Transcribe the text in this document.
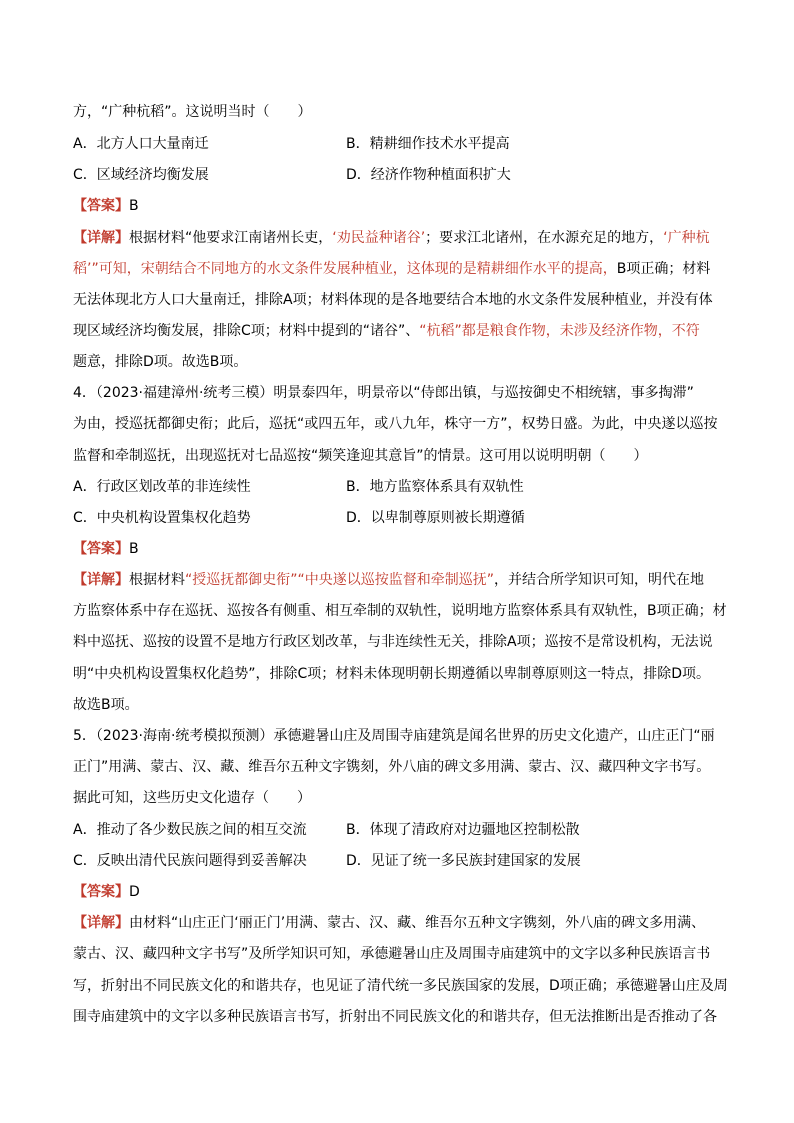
方，“广种杭稻”。这说明当时（　　）
A．北方人口大量南迁	B．精耕细作技术水平提高
C．区域经济均衡发展	D．经济作物种植面积扩大
【答案】B
【详解】根据材料“他要求江南诸州长吏，‘劝民益种诸谷’；要求江北诸州，在水源充足的地方，‘广种杭
稻’”可知，宋朝结合不同地方的水文条件发展种植业，这体现的是精耕细作水平的提高，B项正确；材料
无法体现北方人口大量南迁，排除A项；材料体现的是各地要结合本地的水文条件发展种植业，并没有体
现区域经济均衡发展，排除C项；材料中提到的“诸谷”、“杭稻”都是粮食作物，未涉及经济作物，不符
题意，排除D项。故选B项。
4．（2023·福建漳州·统考三模）明景泰四年，明景帝以“侍郎出镇，与巡按御史不相统辖，事多掏滞”
为由，授巡抚都御史衔；此后，巡抚“或四五年，或八九年，株守一方”，权势日盛。为此，中央遂以巡按
监督和牵制巡抚，出现巡抚对七品巡按“频笑逢迎其意旨”的情景。这可用以说明明朝（　　）
A．行政区划改革的非连续性	B．地方监察体系具有双轨性
C．中央机构设置集权化趋势	D．以卑制尊原则被长期遵循
【答案】B
【详解】根据材料“授巡抚都御史衔”“中央遂以巡按监督和牵制巡抚”，并结合所学知识可知，明代在地
方监察体系中存在巡抚、巡按各有侧重、相互牵制的双轨性，说明地方监察体系具有双轨性，B项正确；材
料中巡抚、巡按的设置不是地方行政区划改革，与非连续性无关，排除A项；巡按不是常设机构，无法说
明“中央机构设置集权化趋势”，排除C项；材料未体现明朝长期遵循以卑制尊原则这一特点，排除D项。
故选B项。
5．（2023·海南·统考模拟预测）承德避暑山庄及周围寺庙建筑是闻名世界的历史文化遗产，山庄正门“丽
正门”用满、蒙古、汉、藏、维吾尔五种文字镌刻，外八庙的碑文多用满、蒙古、汉、藏四种文字书写。
据此可知，这些历史文化遗存（　　）
A．推动了各少数民族之间的相互交流	B．体现了清政府对边疆地区控制松散
C．反映出清代民族问题得到妥善解决	D．见证了统一多民族封建国家的发展
【答案】D
【详解】由材料“山庄正门‘丽正门’用满、蒙古、汉、藏、维吾尔五种文字镌刻，外八庙的碑文多用满、
蒙古、汉、藏四种文字书写”及所学知识可知，承德避暑山庄及周围寺庙建筑中的文字以多种民族语言书
写，折射出不同民族文化的和谐共存，也见证了清代统一多民族国家的发展，D项正确；承德避暑山庄及周
围寺庙建筑中的文字以多种民族语言书写，折射出不同民族文化的和谐共存，但无法推断出是否推动了各
